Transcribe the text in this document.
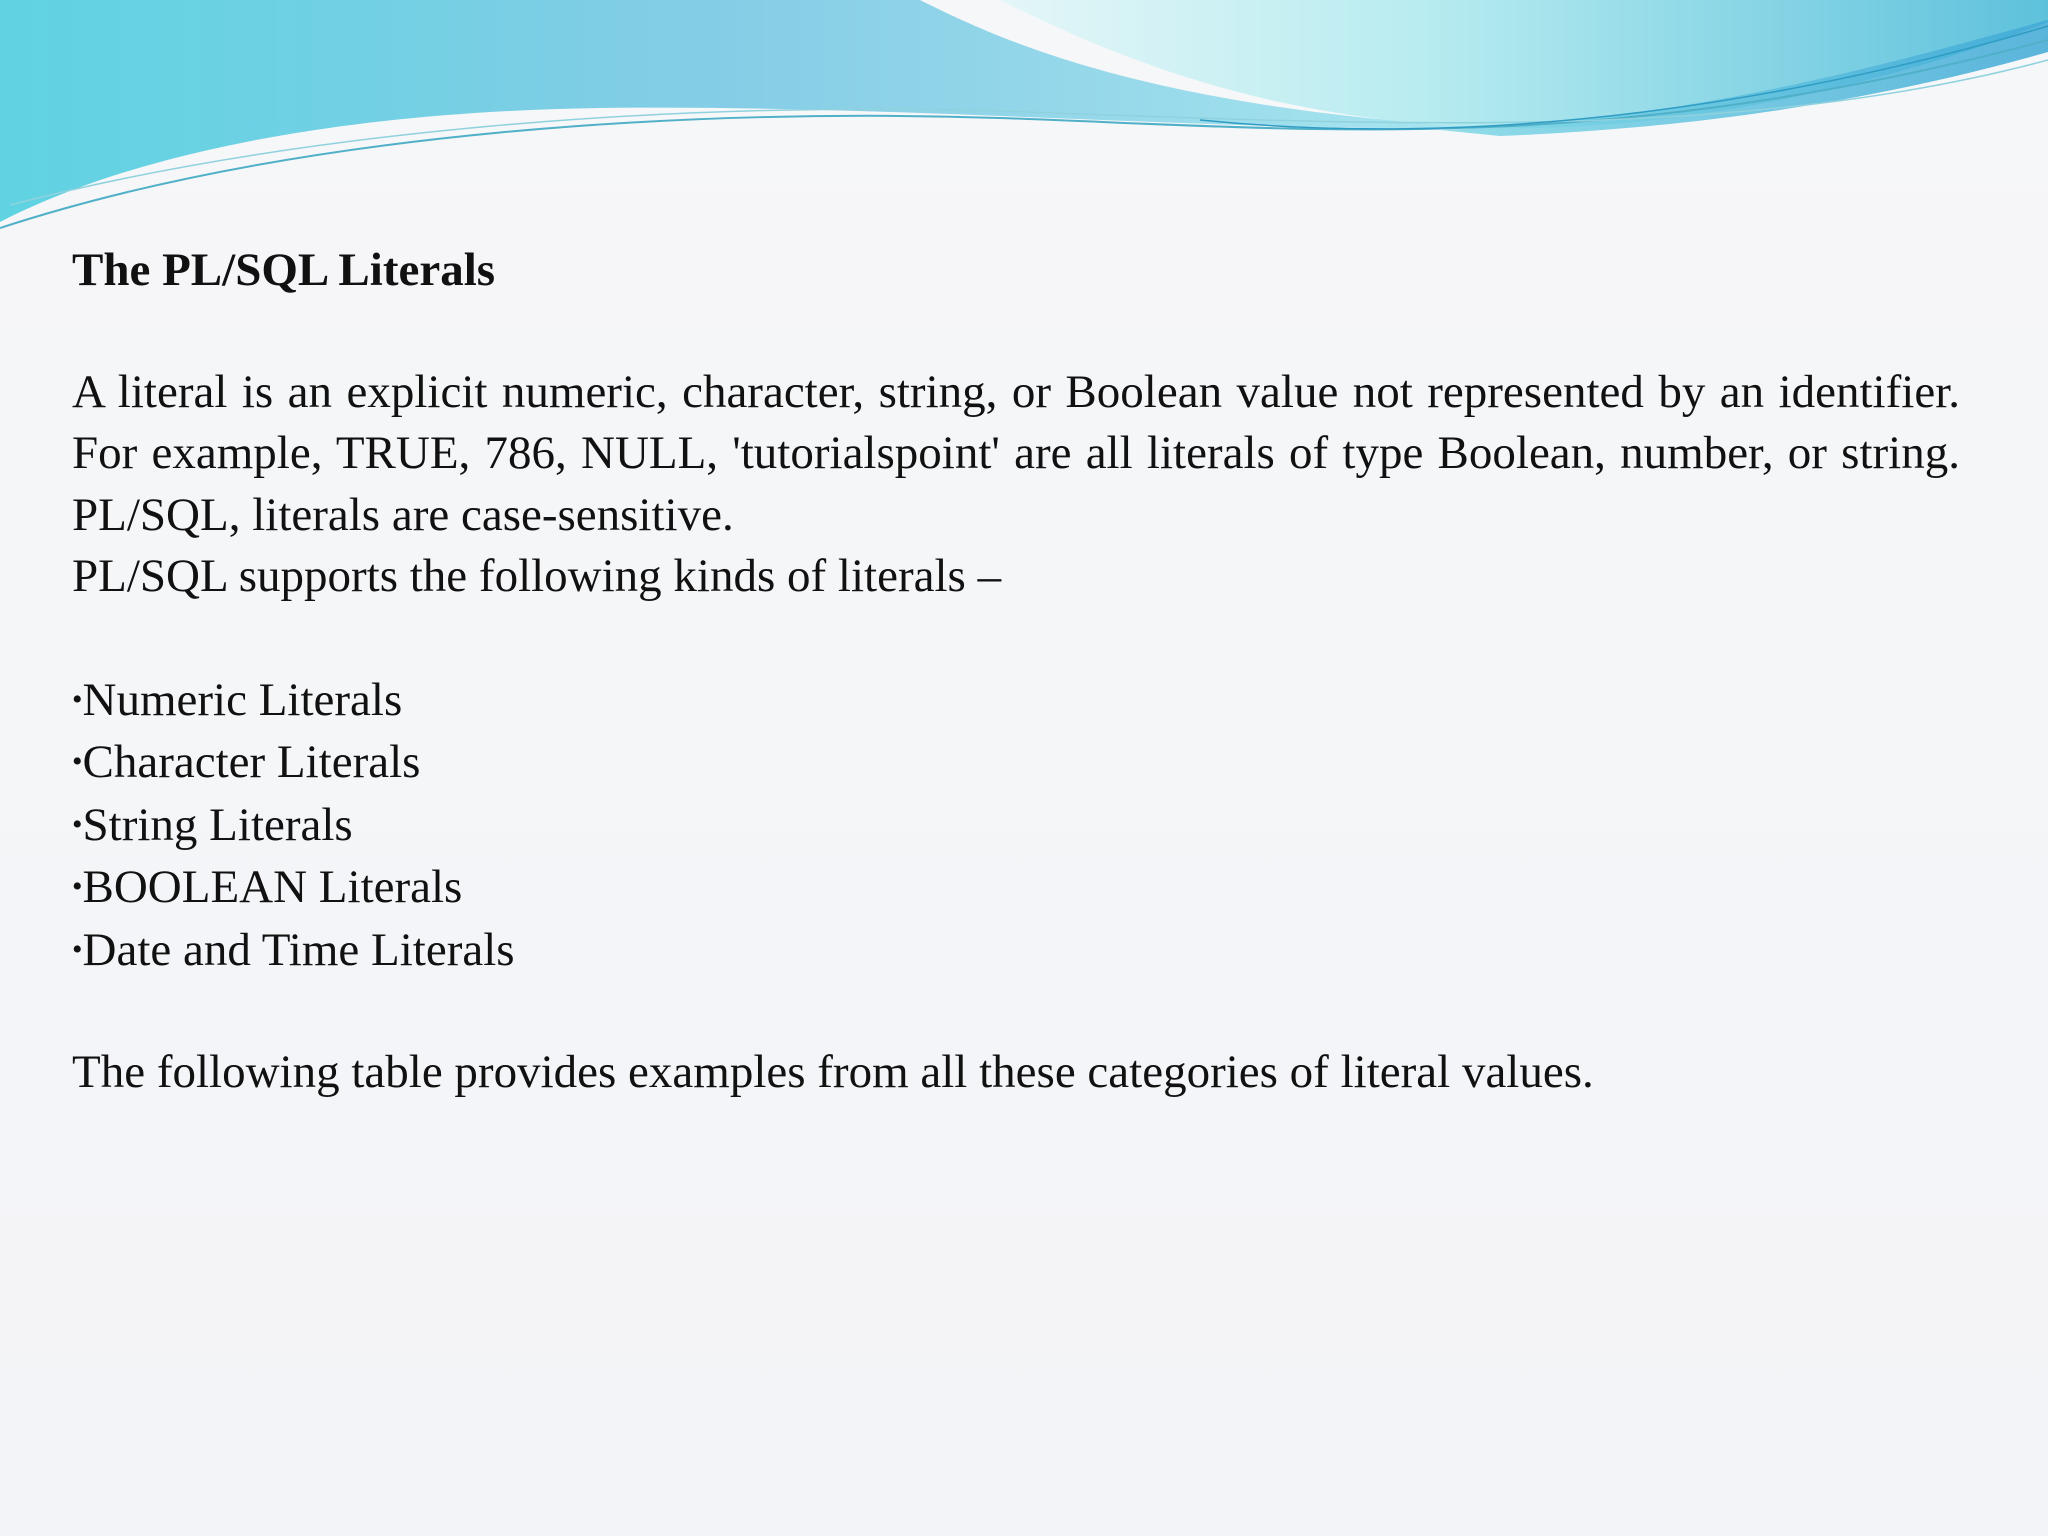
The PL/SQL Literals

A literal is an explicit numeric, character, string, or Boolean value not represented by an identifier. For example, TRUE, 786, NULL, 'tutorialspoint' are all literals of type Boolean, number, or string. PL/SQL, literals are case-sensitive.

PL/SQL supports the following kinds of literals –

•Numeric Literals
•Character Literals
•String Literals
•BOOLEAN Literals
•Date and Time Literals

The following table provides examples from all these categories of literal values.
